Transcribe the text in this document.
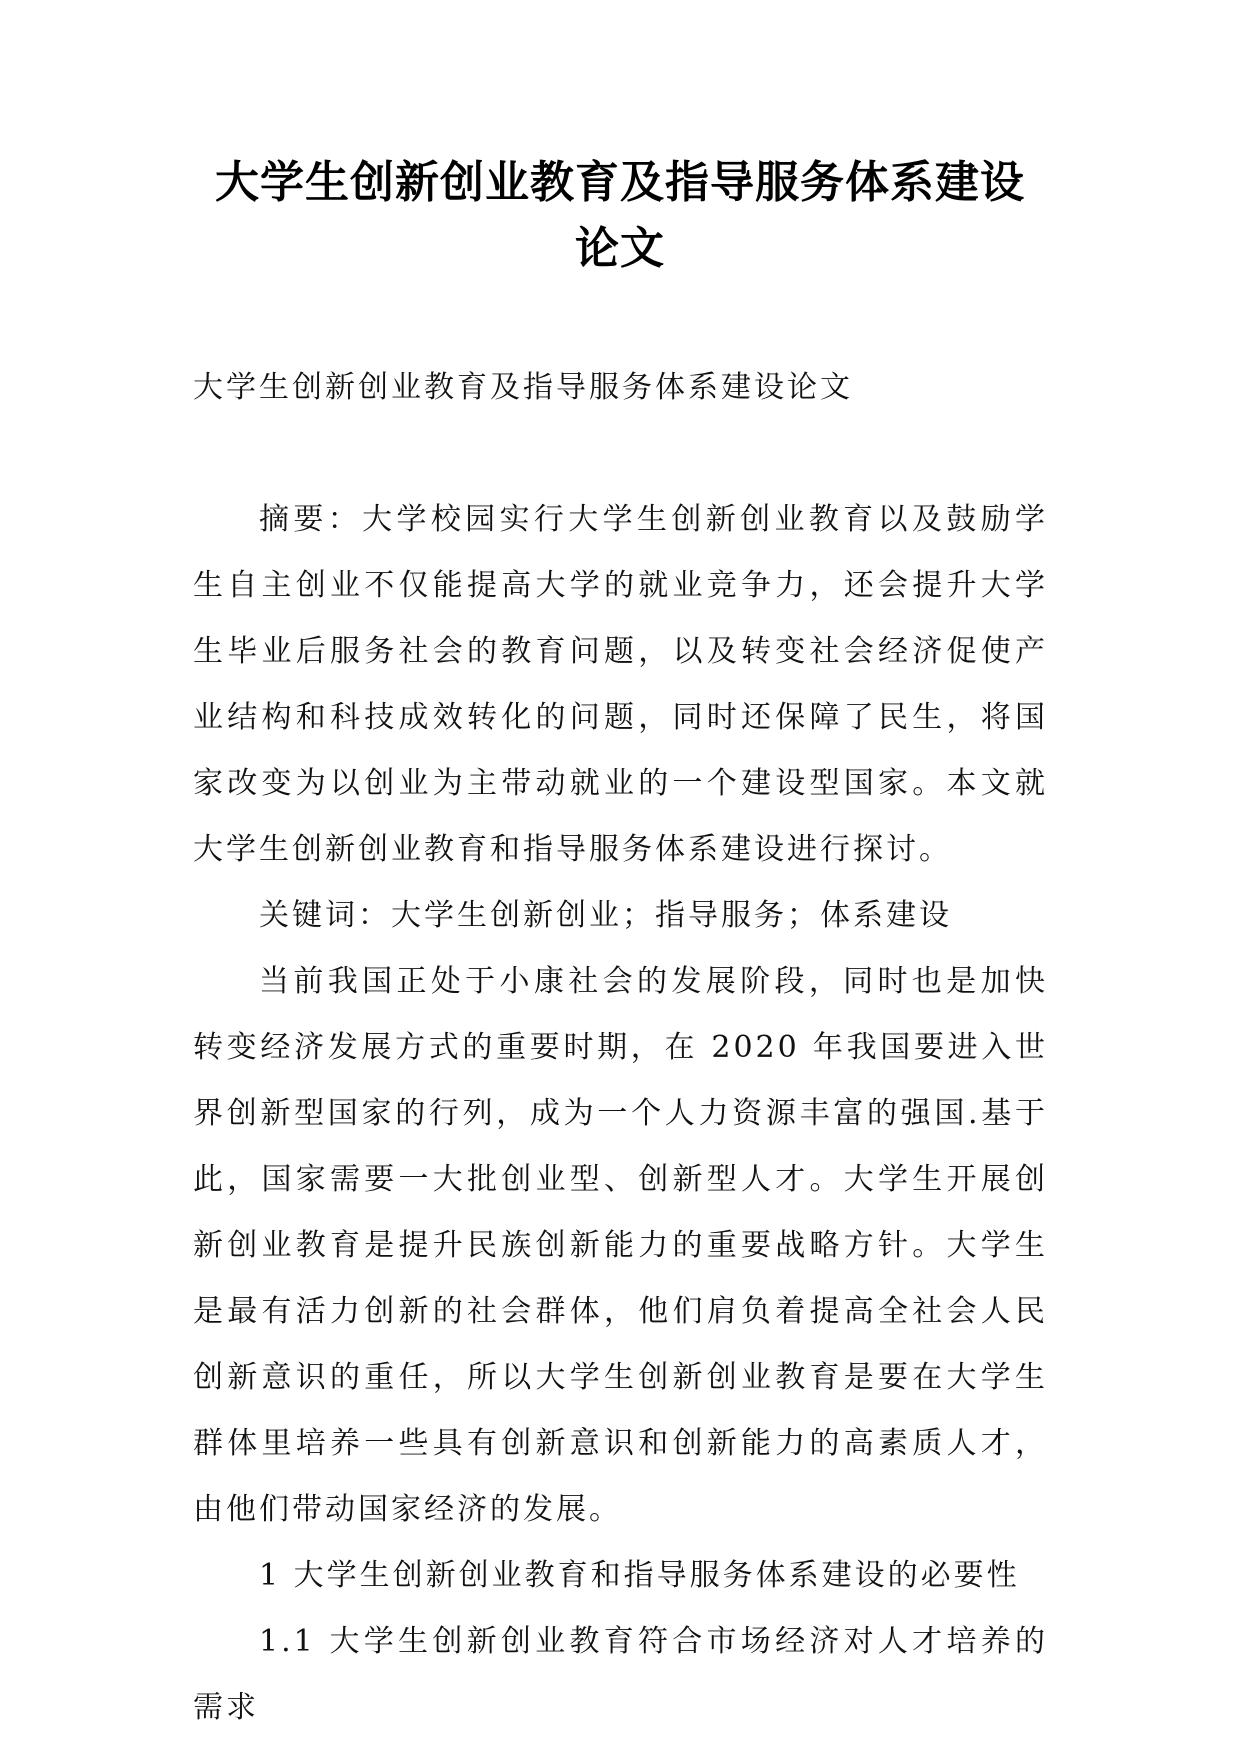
大学生创新创业教育及指导服务体系建设
论文

大学生创新创业教育及指导服务体系建设论文

摘要：大学校园实行大学生创新创业教育以及鼓励学生自主创业不仅能提高大学的就业竞争力，还会提升大学生毕业后服务社会的教育问题，以及转变社会经济促使产业结构和科技成效转化的问题，同时还保障了民生，将国家改变为以创业为主带动就业的一个建设型国家。本文就大学生创新创业教育和指导服务体系建设进行探讨。

关键词：大学生创新创业；指导服务；体系建设

当前我国正处于小康社会的发展阶段，同时也是加快转变经济发展方式的重要时期，在 2020 年我国要进入世界创新型国家的行列，成为一个人力资源丰富的强国.基于此，国家需要一大批创业型、创新型人才。大学生开展创新创业教育是提升民族创新能力的重要战略方针。大学生是最有活力创新的社会群体，他们肩负着提高全社会人民创新意识的重任，所以大学生创新创业教育是要在大学生群体里培养一些具有创新意识和创新能力的高素质人才，由他们带动国家经济的发展。

1 大学生创新创业教育和指导服务体系建设的必要性

1.1 大学生创新创业教育符合市场经济对人才培养的需求
